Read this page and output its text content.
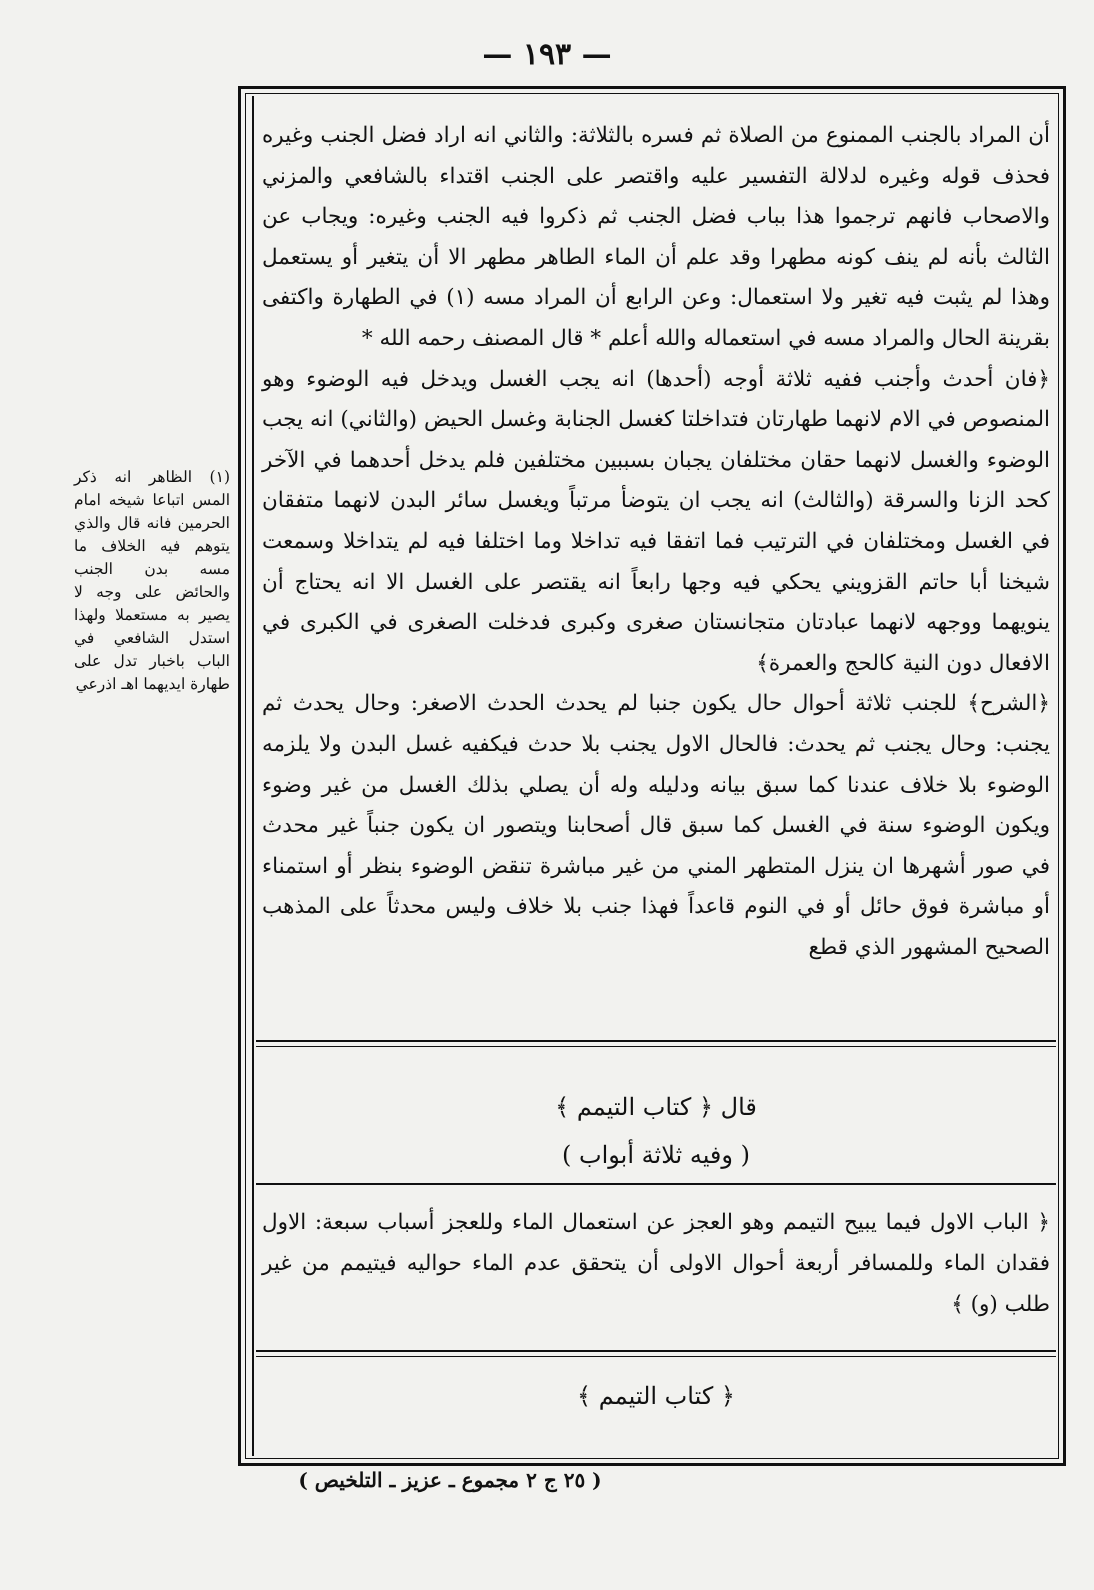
— ١٩٣ —

أن المراد بالجنب الممنوع من الصلاة ثم فسره بالثلاثة: والثاني انه اراد فضل الجنب وغيره فحذف قوله وغيره لدلالة التفسير عليه واقتصر على الجنب اقتداء بالشافعي والمزني والاصحاب فانهم ترجموا هذا بباب فضل الجنب ثم ذكروا فيه الجنب وغيره: ويجاب عن الثالث بأنه لم ينف كونه مطهرا وقد علم أن الماء الطاهر مطهر الا أن يتغير أو يستعمل وهذا لم يثبت فيه تغير ولا استعمال: وعن الرابع أن المراد مسه (١) في الطهارة واكتفى بقرينة الحال والمراد مسه في استعماله والله أعلم * قال المصنف رحمه الله *

﴿فان أحدث وأجنب ففيه ثلاثة أوجه (أحدها) انه يجب الغسل ويدخل فيه الوضوء وهو المنصوص في الام لانهما طهارتان فتداخلتا كغسل الجنابة وغسل الحيض (والثاني) انه يجب الوضوء والغسل لانهما حقان مختلفان يجبان بسببين مختلفين فلم يدخل أحدهما في الآخر كحد الزنا والسرقة (والثالث) انه يجب ان يتوضأ مرتباً ويغسل سائر البدن لانهما متفقان في الغسل ومختلفان في الترتيب فما اتفقا فيه تداخلا وما اختلفا فيه لم يتداخلا وسمعت شيخنا أبا حاتم القزويني يحكي فيه وجها رابعاً انه يقتصر على الغسل الا انه يحتاج أن ينويهما ووجهه لانهما عبادتان متجانستان صغرى وكبرى فدخلت الصغرى في الكبرى في الافعال دون النية كالحج والعمرة﴾

﴿الشرح﴾ للجنب ثلاثة أحوال حال يكون جنبا لم يحدث الحدث الاصغر: وحال يحدث ثم يجنب: وحال يجنب ثم يحدث: فالحال الاول يجنب بلا حدث فيكفيه غسل البدن ولا يلزمه الوضوء بلا خلاف عندنا كما سبق بيانه ودليله وله أن يصلي بذلك الغسل من غير وضوء ويكون الوضوء سنة في الغسل كما سبق قال أصحابنا ويتصور ان يكون جنباً غير محدث في صور أشهرها ان ينزل المتطهر المني من غير مباشرة تنقض الوضوء بنظر أو استمناء أو مباشرة فوق حائل أو في النوم قاعداً فهذا جنب بلا خلاف وليس محدثاً على المذهب الصحيح المشهور الذي قطع

قال ﴿ كتاب التيمم ﴾
( وفيه ثلاثة أبواب )

﴿ الباب الاول فيما يبيح التيمم وهو العجز عن استعمال الماء وللعجز أسباب سبعة: الاول فقدان الماء وللمسافر أربعة أحوال الاولى أن يتحقق عدم الماء حواليه فيتيمم من غير طلب (و) ﴾

﴿ كتاب التيمم ﴾
(١) الظاهر انه ذكر المس اتباعا شيخه امام الحرمين فانه قال والذي يتوهم فيه الخلاف ما مسه بدن الجنب والحائض على وجه لا يصير به مستعملا ولهذا استدل الشافعي في الباب باخبار تدل على طهارة ايديهما اهـ اذرعي
( ٢٥ ج ٢ مجموع ـ عزيز ـ التلخيص )
